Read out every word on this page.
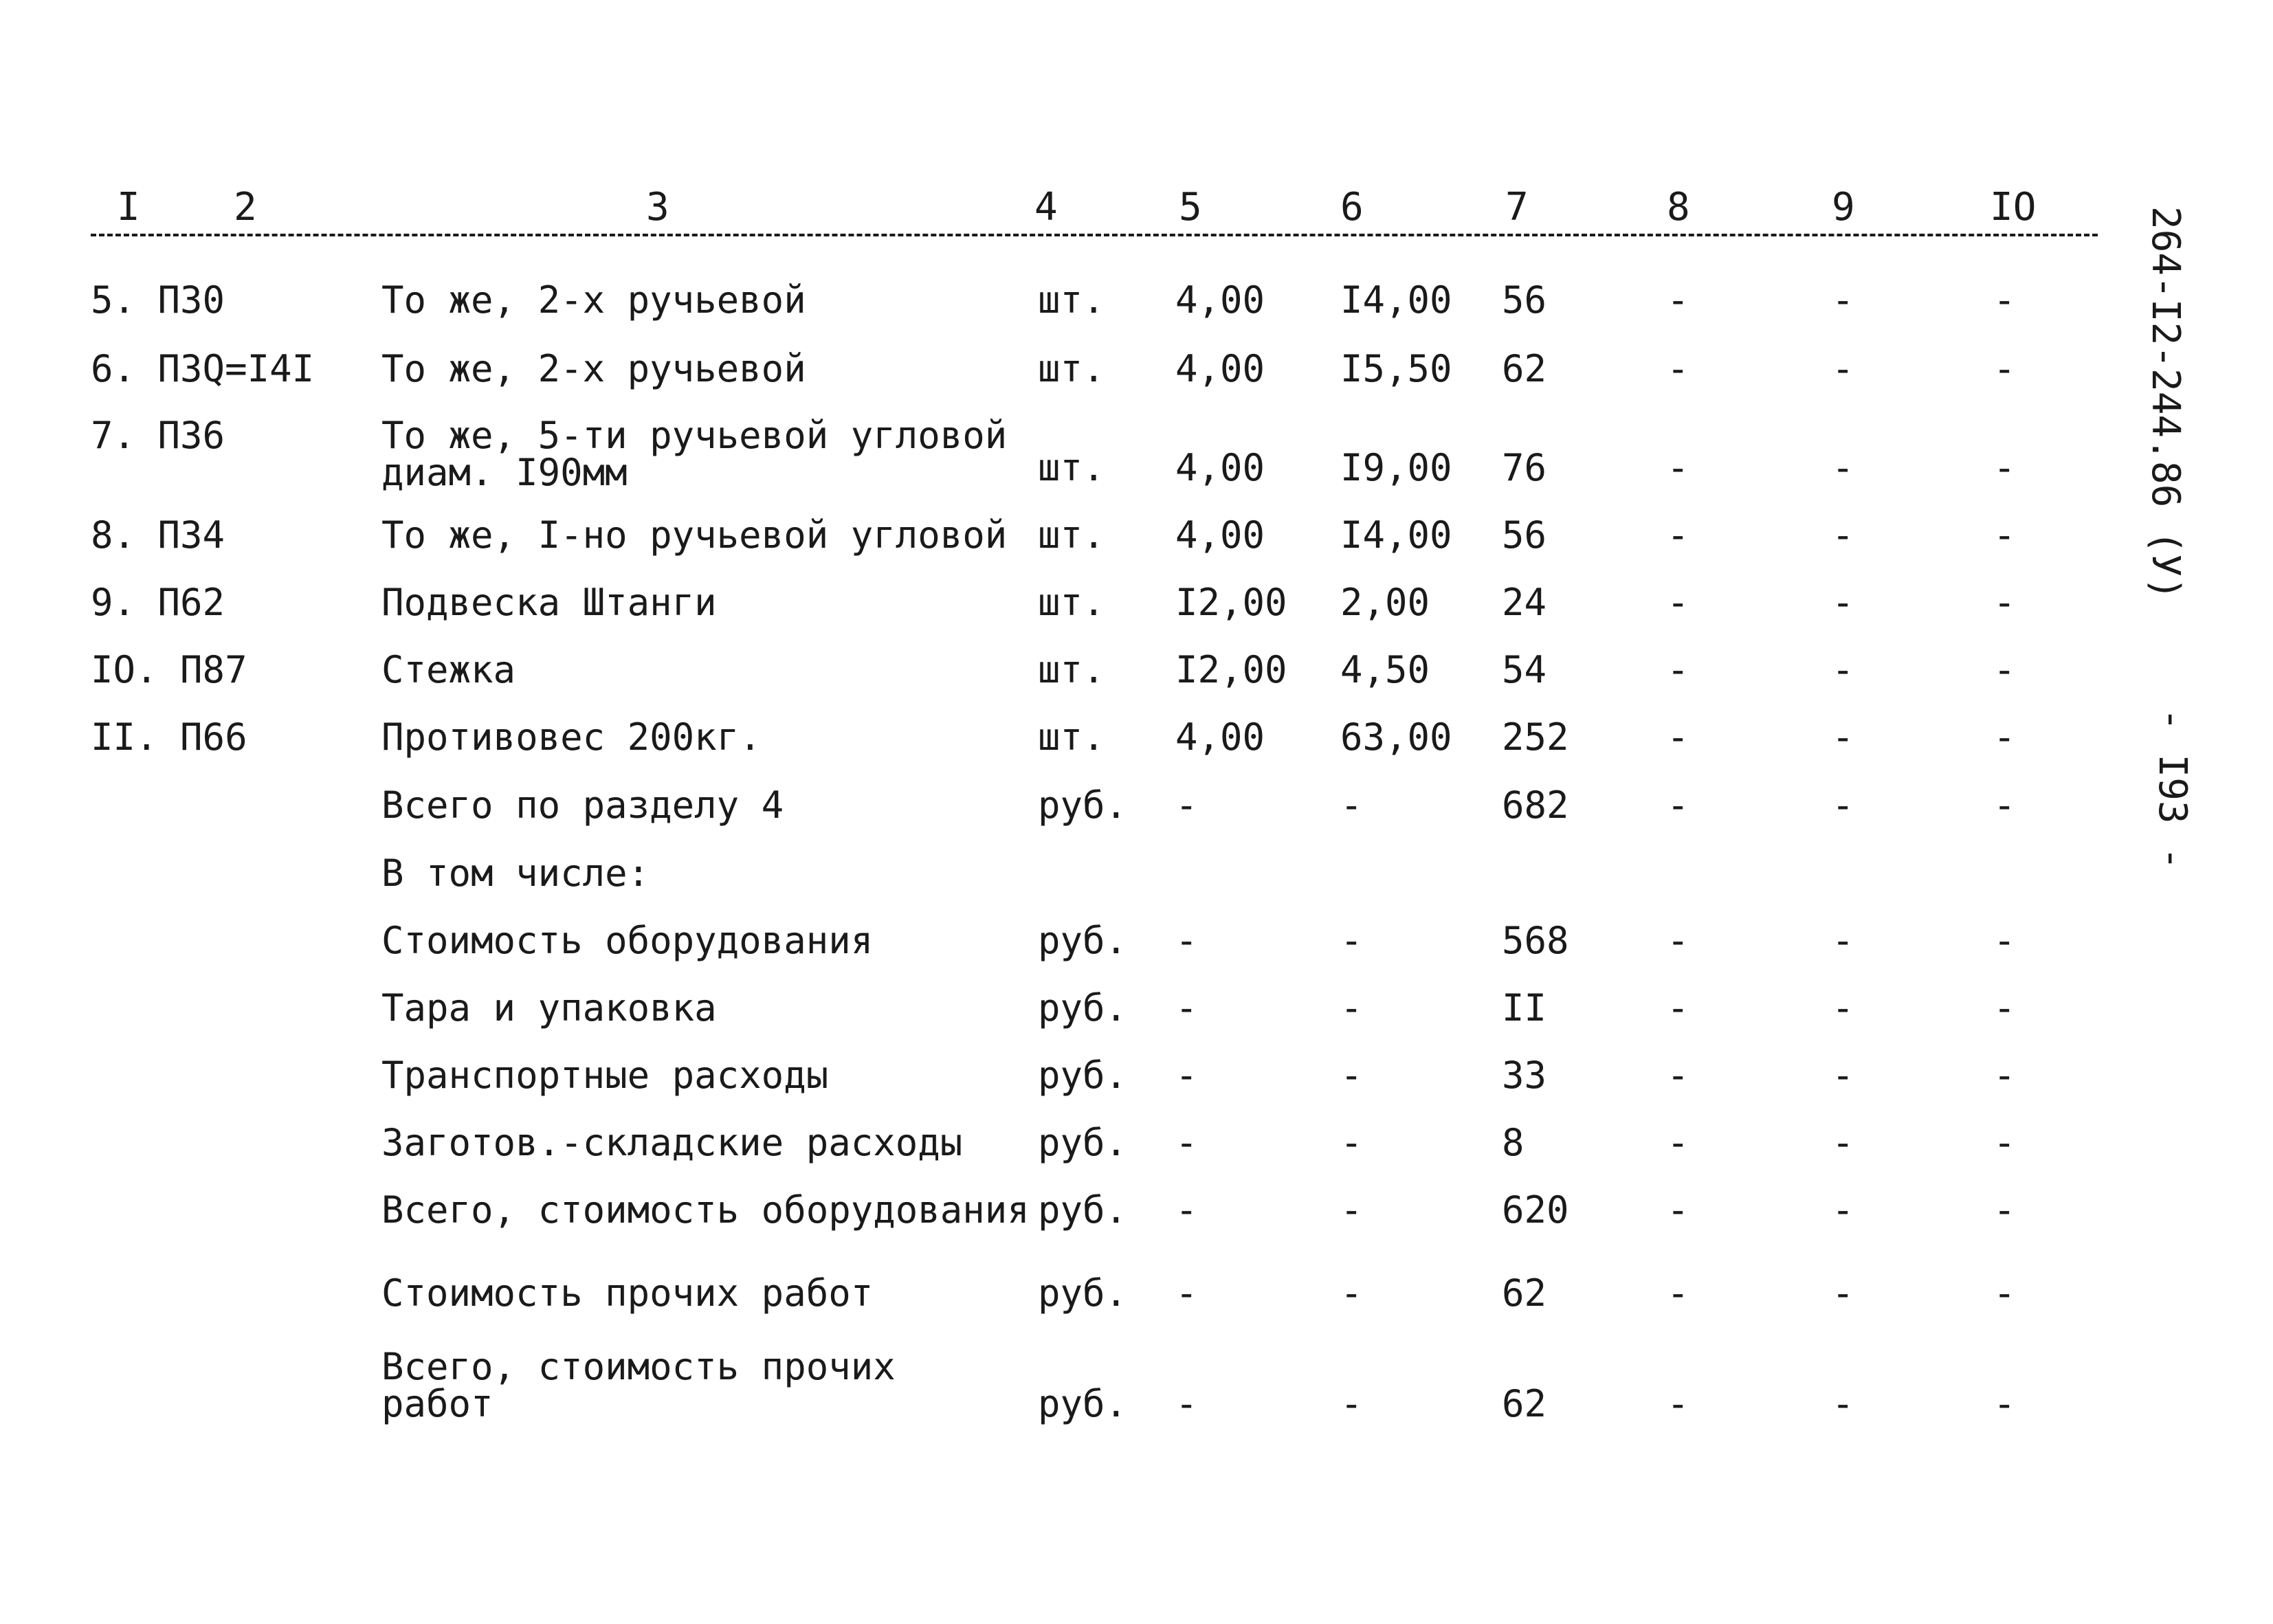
I 2	3	4	5	6	7	8	9	IO
5. П30	То же, 2-х ручьевой	шт. 4,00 I4,00 56	-	-	-
6. П3Q=I4I То же, 2-х ручьевой	шт. 4,00 I5,50 62	-	-	-
7. П36	То же, 5-ти ручьевой угловой
диам. I90мм	шт. 4,00 I9,00 76	-	-	-
8. П34	То же, I-но ручьевой угловой шт. 4,00 I4,00 56	-	-	-
9. П62	Подвеска Штанги	шт. I2,00 2,00 24	-	-	-
IO. П87	Стежка	шт. I2,00 4,50 54	-	-	-
II. П66	Противовес 200кг.	шт. 4,00 63,00 252	-	-	-
Всего по разделу 4	руб. -	-	682	-	-	-
В том числе:
Стоимость оборудования	руб. -	-	568	-	-	-
Тара и упаковка	руб. -	-	II	-	-	-
Транспортные расходы	руб. -	-	33	-	-	-
Заготов.-складские расходы руб. -	-	8	-	-	-
Всего, стоимость оборудования руб. -	-	620	-	-	-
Стоимость прочих работ	руб. -	-	62	-	-	-
Всего, стоимость прочих
работ	руб. -	-	62	-	-	-
264-I2-244.86 (У)
- I93 -
